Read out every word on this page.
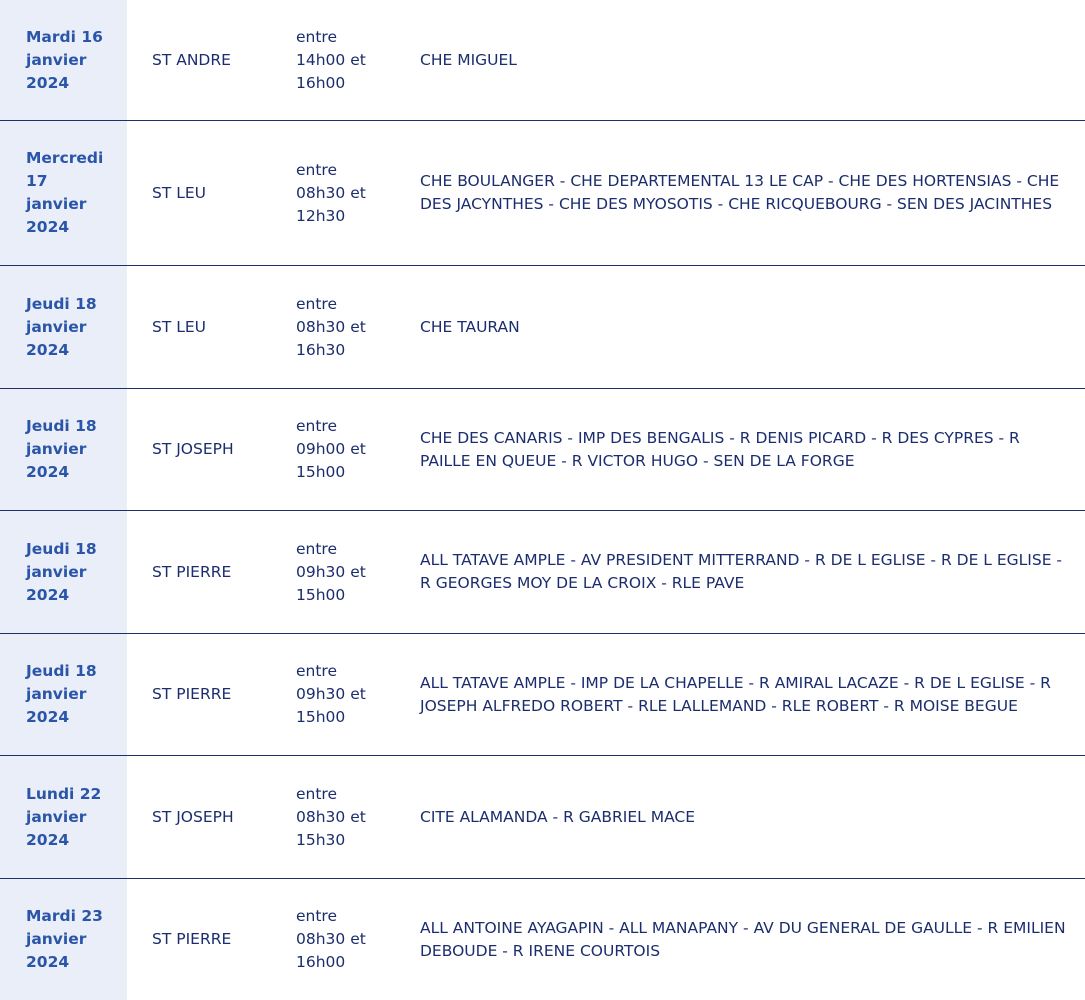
Mardi 16
janvier
2024
ST ANDRE
entre
14h00 et
16h00
CHE MIGUEL
Mercredi
17
janvier
2024
ST LEU
entre
08h30 et
12h30
CHE BOULANGER - CHE DEPARTEMENTAL 13 LE CAP - CHE DES HORTENSIAS - CHE DES JACYNTHES - CHE DES MYOSOTIS - CHE RICQUEBOURG - SEN DES JACINTHES
Jeudi 18
janvier
2024
ST LEU
entre
08h30 et
16h30
CHE TAURAN
Jeudi 18
janvier
2024
ST JOSEPH
entre
09h00 et
15h00
CHE DES CANARIS - IMP DES BENGALIS - R DENIS PICARD - R DES CYPRES - R PAILLE EN QUEUE - R VICTOR HUGO - SEN DE LA FORGE
Jeudi 18
janvier
2024
ST PIERRE
entre
09h30 et
15h00
ALL TATAVE AMPLE - AV PRESIDENT MITTERRAND - R DE L EGLISE - R DE L EGLISE - R GEORGES MOY DE LA CROIX - RLE PAVE
Jeudi 18
janvier
2024
ST PIERRE
entre
09h30 et
15h00
ALL TATAVE AMPLE - IMP DE LA CHAPELLE - R AMIRAL LACAZE - R DE L EGLISE - R JOSEPH ALFREDO ROBERT - RLE LALLEMAND - RLE ROBERT - R MOISE BEGUE
Lundi 22
janvier
2024
ST JOSEPH
entre
08h30 et
15h30
CITE ALAMANDA - R GABRIEL MACE
Mardi 23
janvier
2024
ST PIERRE
entre
08h30 et
16h00
ALL ANTOINE AYAGAPIN - ALL MANAPANY - AV DU GENERAL DE GAULLE - R EMILIEN DEBOUDE - R IRENE COURTOIS
